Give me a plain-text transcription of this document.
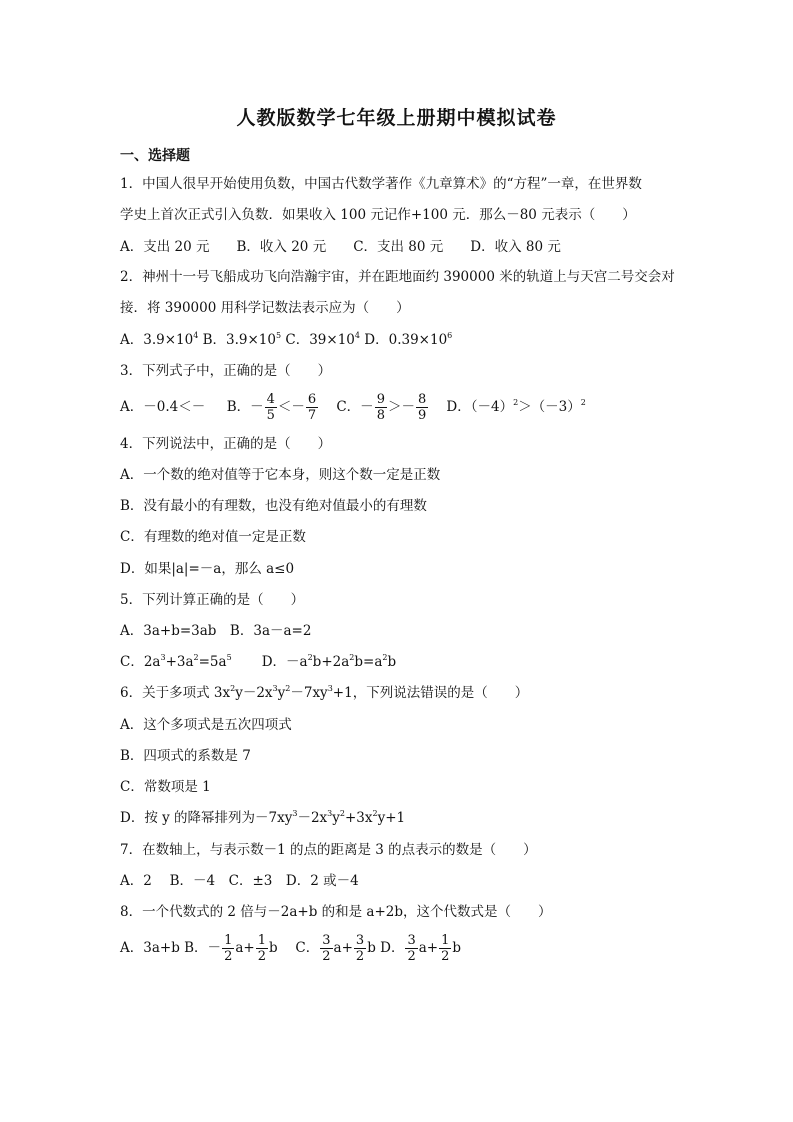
人教版数学七年级上册期中模拟试卷
一、选择题
1．中国人很早开始使用负数，中国古代数学著作《九章算术》的“方程”一章，在世界数
学史上首次正式引入负数．如果收入 100 元记作+100 元．那么－80 元表示（　　）
A．支出 20 元　　B．收入 20 元　　C．支出 80 元　　D．收入 80 元
2．神州十一号飞船成功飞向浩瀚宇宙，并在距地面约 390000 米的轨道上与天宫二号交会对
接．将 390000 用科学记数法表示应为（　　）
A．$3.9\times 10^4$ B．$3.9\times 10^5$ C．$39\times 10^4$ D．$0.39\times 10^6$
3．下列式子中，正确的是（　　）
A．－0.4＜－ B．－ $\frac{4}{5} <- \frac{6}{7}$ C．－ $\frac{9}{8} >- \frac{8}{9}$ D．$(-4)^2>(-3)^2$
4．下列说法中，正确的是（　　）
A．一个数的绝对值等于它本身，则这个数一定是正数
B．没有最小的有理数，也没有绝对值最小的有理数
C．有理数的绝对值一定是正数
D．如果|a|=－a，那么 a≤0
5．下列计算正确的是（　　）
A．3a+b=3ab　B．3a－a=2
C．$2a^3+3a^2=5a^5$ D．$-a^2b+2a^2b=a^2b$
6．关于多项式 $3x^2y-2x^3y^2-7xy^3+1$，下列说法错误的是（　　）
A．这个多项式是五次四项式
B．四项式的系数是 7
C．常数项是 1
D．按 y 的降幂排列为$-7xy^3-2x^3y^2+3x^2y+1$
7．在数轴上，与表示数－1 的点的距离是 3 的点表示的数是（　　）
A．2　 B．－4　C．±3　D．2 或－4
8．一个代数式的 2 倍与－2a+b 的和是 a+2b，这个代数式是（　　）
A．3a+b B．－ $\frac{1}{2} a+ \frac{1}{2}$ b　 C． $\frac{3}{2} a+ \frac{3}{2}$ b D． $\frac{3}{2} a+ \frac{1}{2}$ b
